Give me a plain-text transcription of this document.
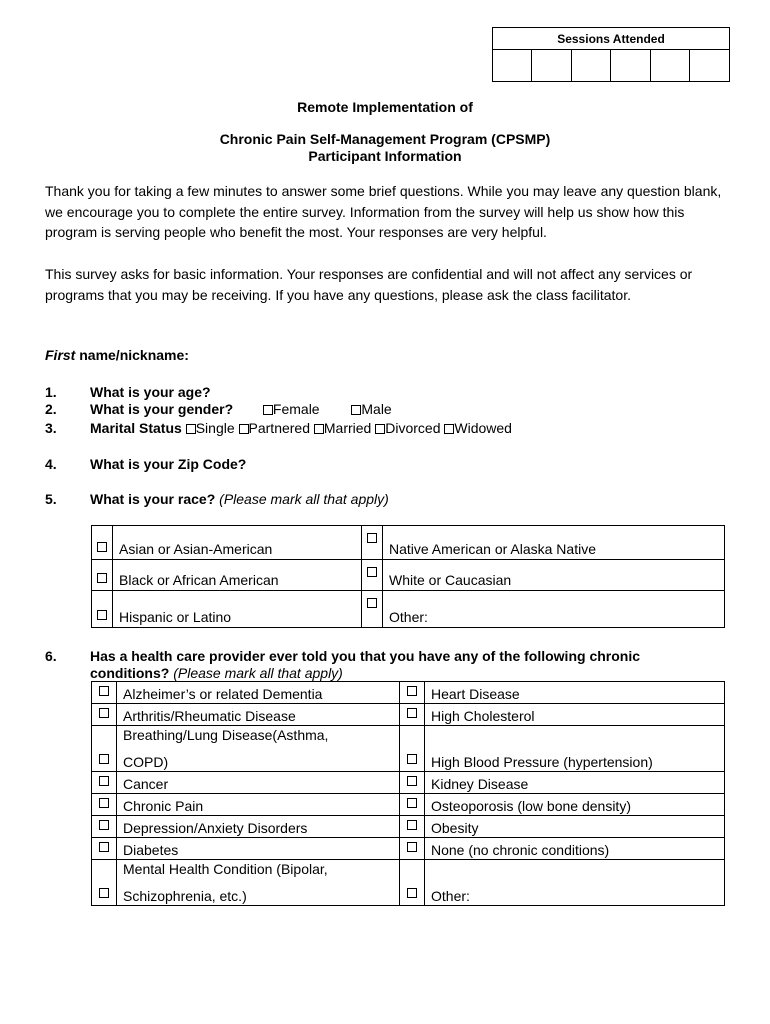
Sessions Attended

Remote Implementation of
Chronic Pain Self-Management Program (CPSMP)
Participant Information
Thank you for taking a few minutes to answer some brief questions. While you may leave any question blank, we encourage you to complete the entire survey. Information from the survey will help us show how this program is serving people who benefit the most. Your responses are very helpful.
This survey asks for basic information. Your responses are confidential and will not affect any services or programs that you may be receiving. If you have any questions, please ask the class facilitator.
First name/nickname:
1. What is your age?
2. What is your gender?	Female	Male
3. Marital Status Single Partnered Married Divorced Widowed
4. What is your Zip Code?
5. What is your race? (Please mark all that apply)
	Asian or Asian-American		Native American or Alaska Native
	Black or African American		White or Caucasian
	Hispanic or Latino		Other:
6. Has a health care provider ever told you that you have any of the following chronic
conditions? (Please mark all that apply)
	Alzheimer’s or related Dementia		Heart Disease
	Arthritis/Rheumatic Disease		High Cholesterol

	Breathing/Lung Disease(Asthma,
COPD)		High Blood Pressure (hypertension)
	Cancer		Kidney Disease
	Chronic Pain		Osteoporosis (low bone density)
	Depression/Anxiety Disorders		Obesity
	Diabetes		None (no chronic conditions)

	Mental Health Condition (Bipolar,
Schizophrenia, etc.)		Other:
